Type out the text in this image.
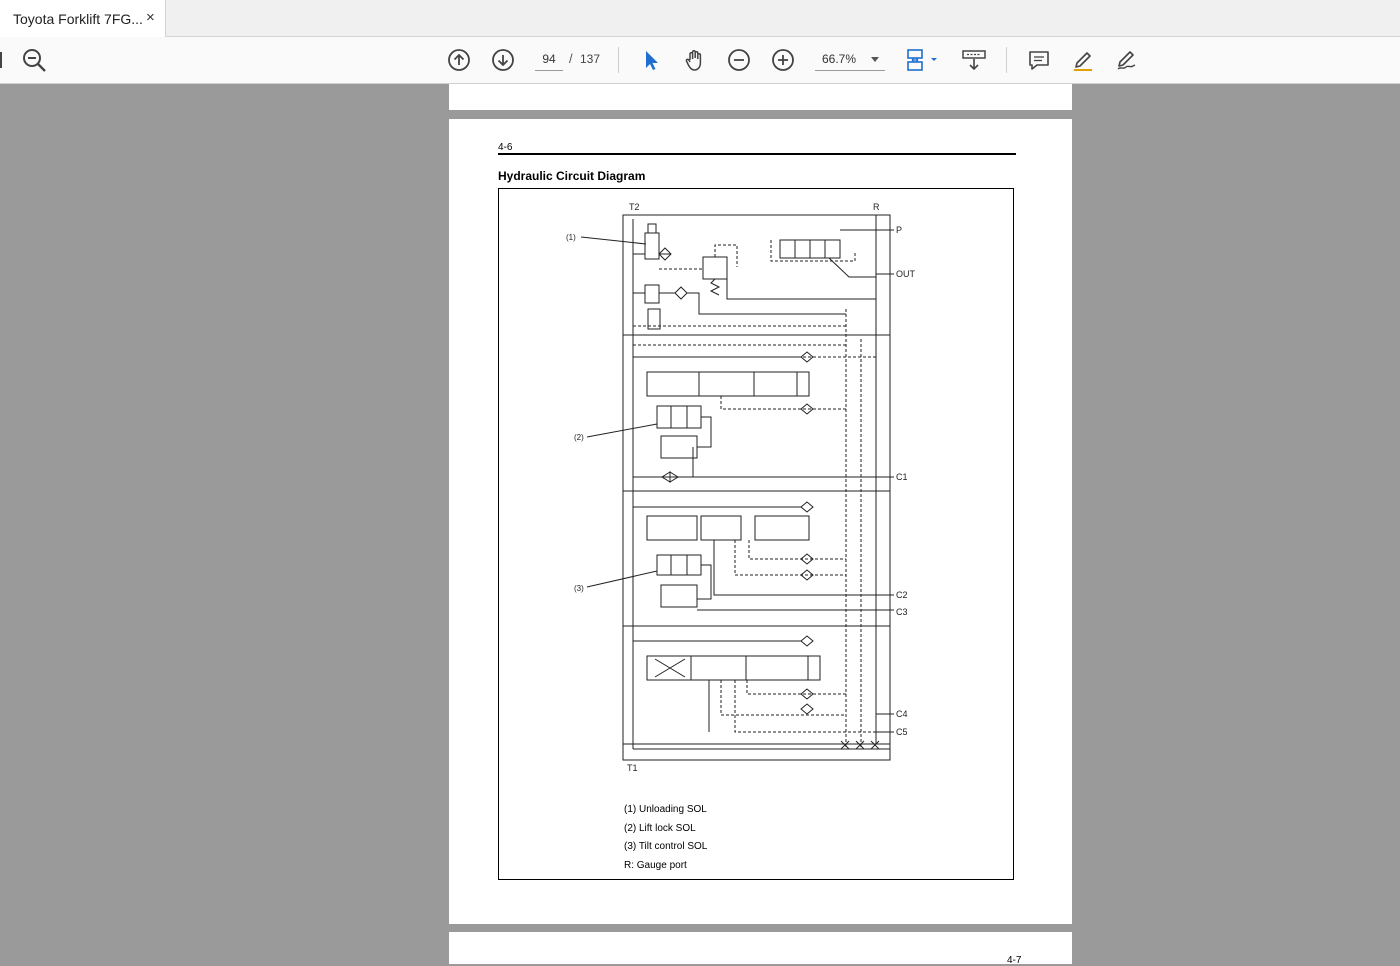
Toyota Forklift 7FG... ×
94	/ 137	66.7%
4-6
Hydraulic Circuit Diagram
T2	R
P
OUT
C1
C2
C3
C4
C5
T1
(1)
(2)
(3)
(1) Unloading SOL
(2) Lift lock SOL
(3) Tilt control SOL
R: Gauge port
4-7
